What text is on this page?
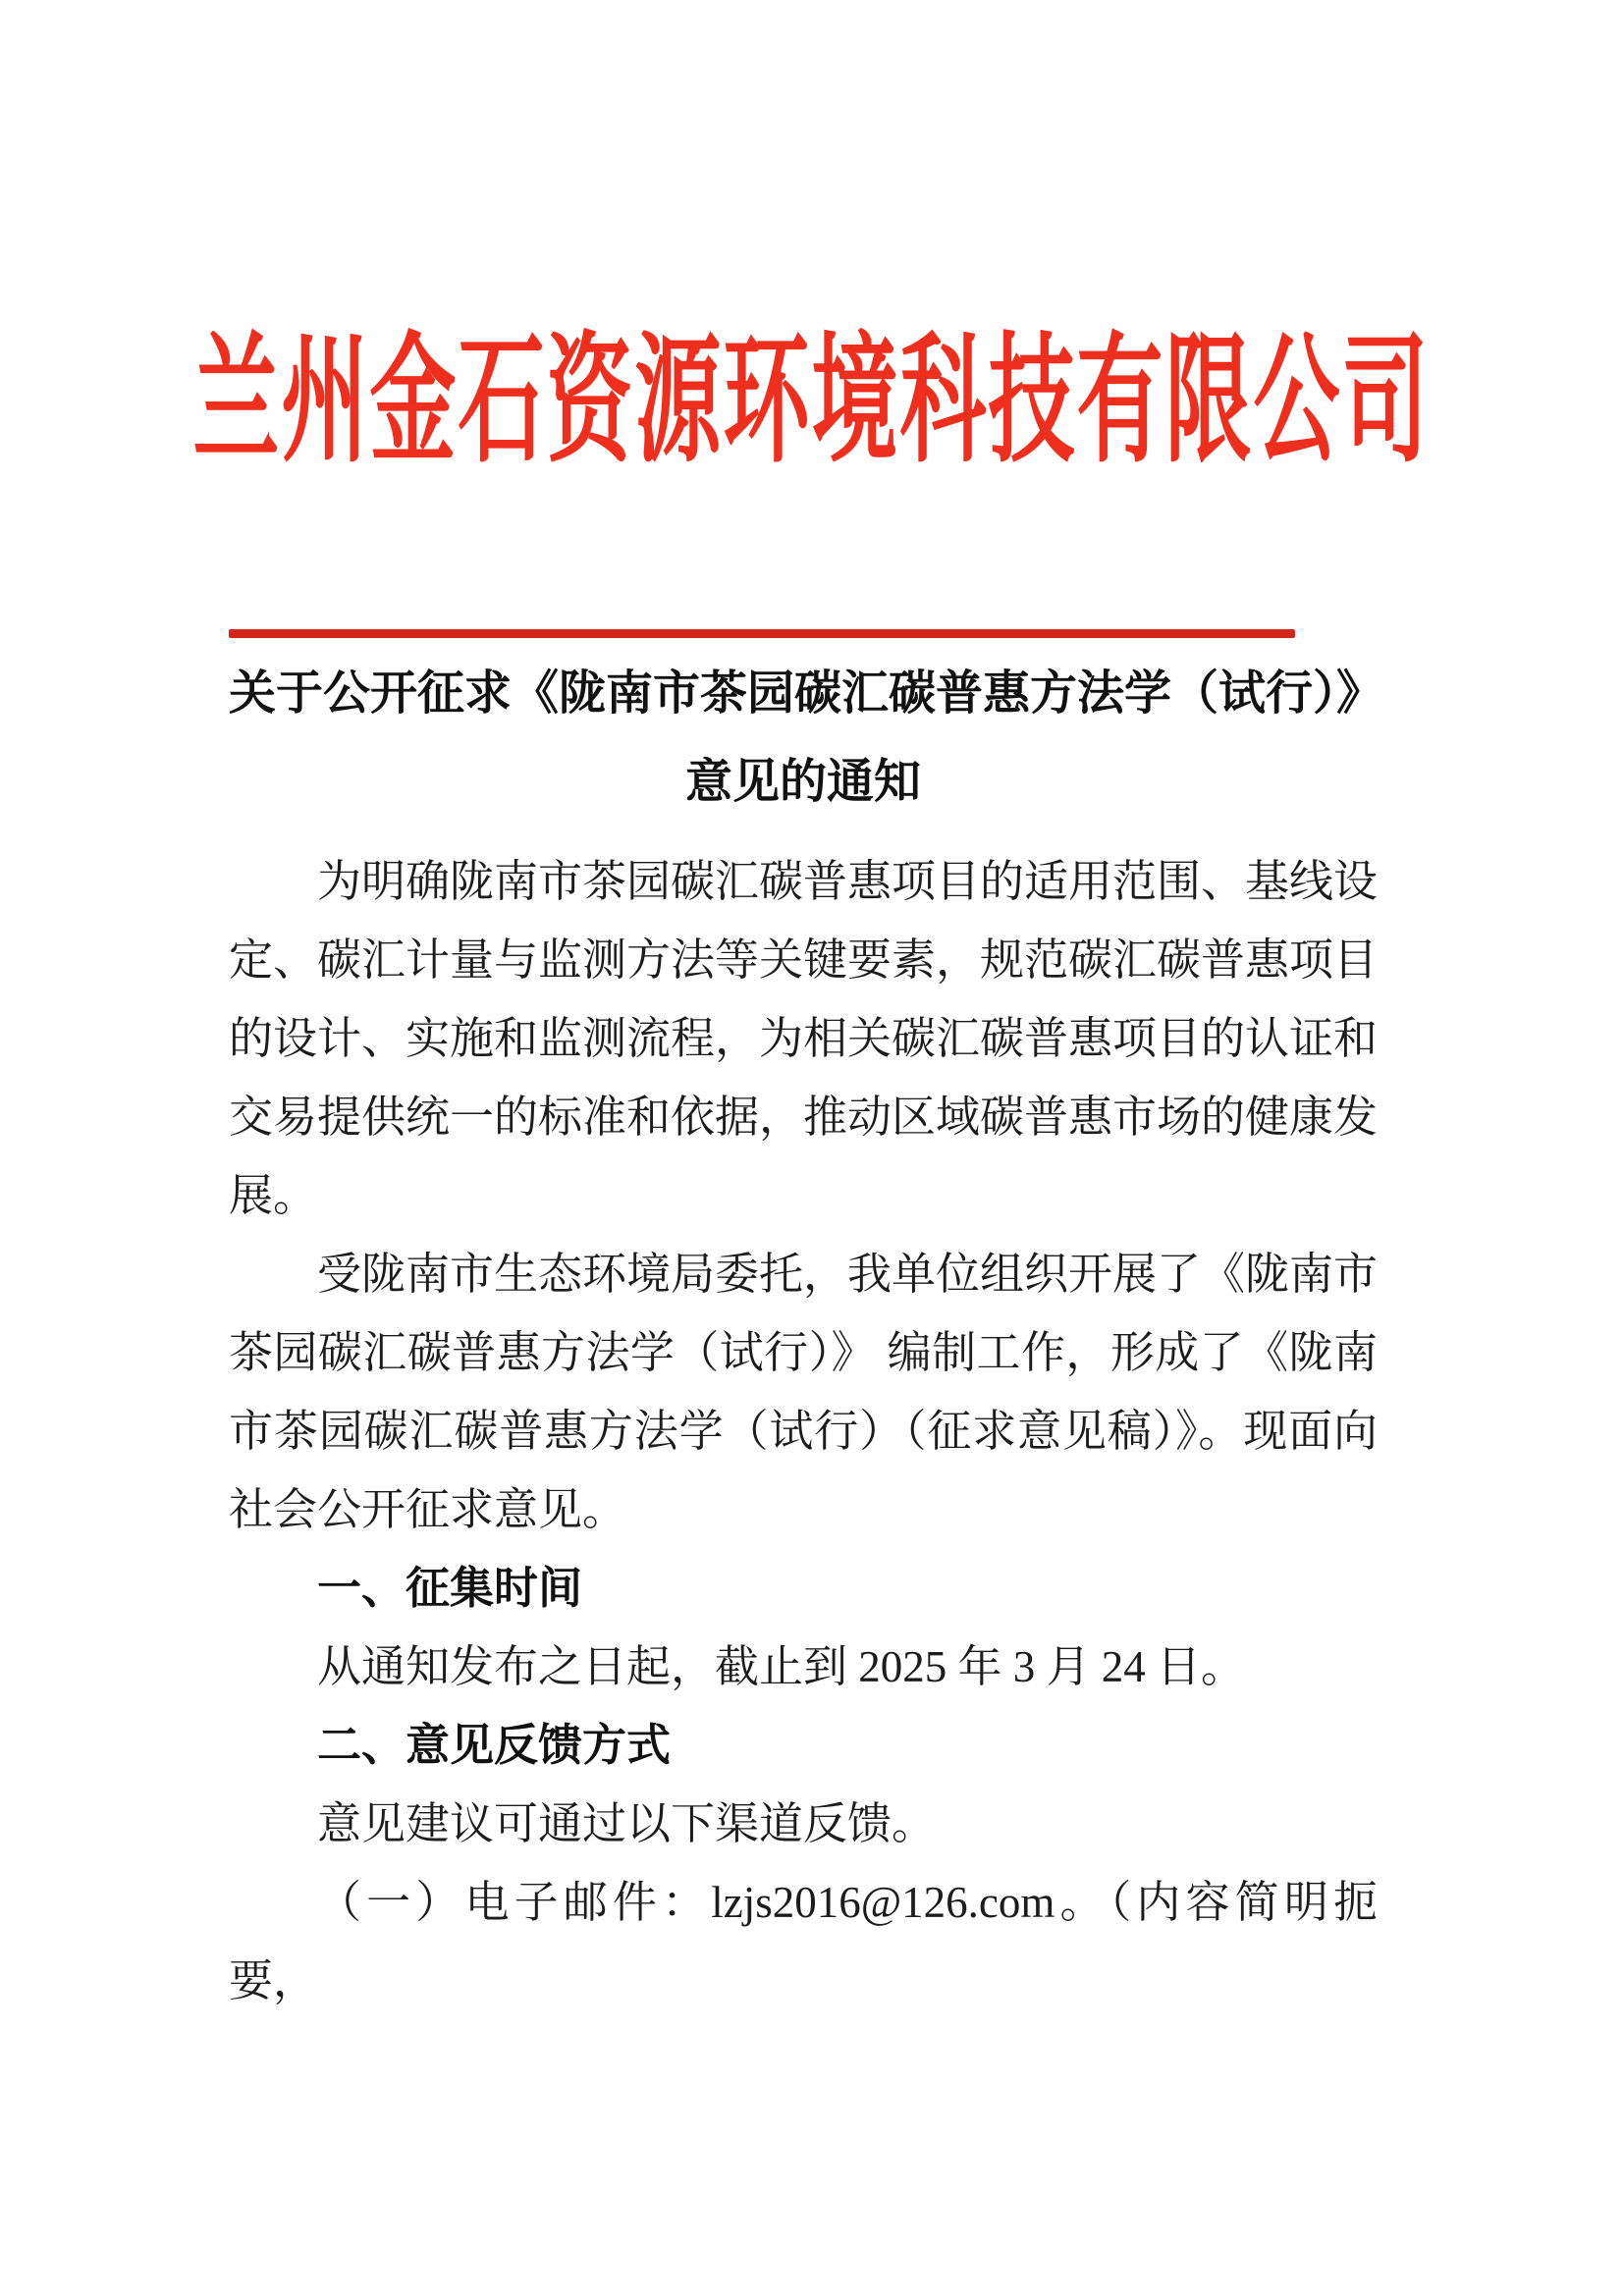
兰州金石资源环境科技有限公司
关于公开征求《陇南市茶园碳汇碳普惠方法学（试行）》
意见的通知

为明确陇南市茶园碳汇碳普惠项目的适用范围、基线设定、碳汇计量与监测方法等关键要素，规范碳汇碳普惠项目的设计、实施和监测流程，为相关碳汇碳普惠项目的认证和交易提供统一的标准和依据，推动区域碳普惠市场的健康发展。

受陇南市生态环境局委托，我单位组织开展了《陇南市茶园碳汇碳普惠方法学（试行）》 编制工作，形成了《陇南市茶园碳汇碳普惠方法学（试行）（征求意见稿）》。现面向社会公开征求意见。

一、征集时间

从通知发布之日起，截止到 2025 年 3 月 24 日。

二、意见反馈方式

意见建议可通过以下渠道反馈。

（一）电子邮件：lzjs2016@126.com。（内容简明扼要，
